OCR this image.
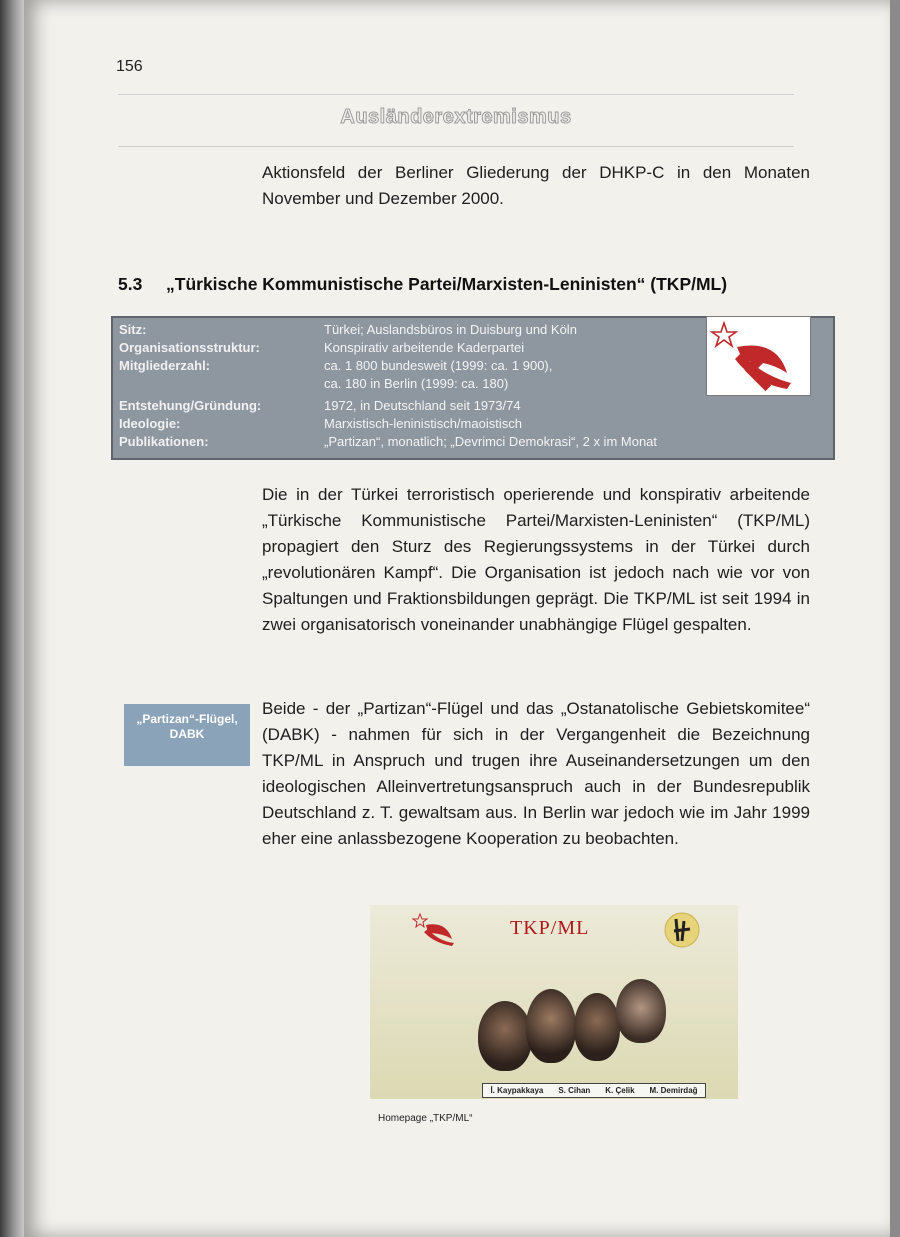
156
Ausländerextremismus
Aktionsfeld der Berliner Gliederung der DHKP-C in den Monaten November und Dezember 2000.
5.3 „Türkische Kommunistische Partei/Marxisten-Leninisten“ (TKP/ML)
Sitz:	Türkei; Auslandsbüros in Duisburg und Köln
Organisationsstruktur:	Konspirativ arbeitende Kaderpartei
Mitgliederzahl:	ca. 1 800 bundesweit (1999: ca. 1 900),
ca. 180 in Berlin (1999: ca. 180)
Entstehung/Gründung:	1972, in Deutschland seit 1973/74
Ideologie:	Marxistisch-leninistisch/maoistisch
Publikationen:	„Partizan“, monatlich; „Devrimci Demokrasi“, 2 x im Monat
Die in der Türkei terroristisch operierende und konspirativ arbeitende „Türkische Kommunistische Partei/Marxisten-Leninisten“ (TKP/ML) propagiert den Sturz des Regierungssystems in der Türkei durch „revolutionären Kampf“. Die Organisation ist jedoch nach wie vor von Spaltungen und Fraktionsbildungen geprägt. Die TKP/ML ist seit 1994 in zwei organisatorisch voneinander unabhängige Flügel gespalten.
„Partizan“-Flügel, DABK
Beide - der „Partizan“-Flügel und das „Ostanatolische Gebietskomitee“ (DABK) - nahmen für sich in der Vergangenheit die Bezeichnung TKP/ML in Anspruch und trugen ihre Auseinandersetzungen um den ideologischen Alleinvertretungsanspruch auch in der Bundesrepublik Deutschland z. T. gewaltsam aus. In Berlin war jedoch wie im Jahr 1999 eher eine anlassbezogene Kooperation zu beobachten.
TKP/ML
İ. Kaypakkaya S. Cihan K. Çelik M. Demirdağ
Homepage „TKP/ML“
